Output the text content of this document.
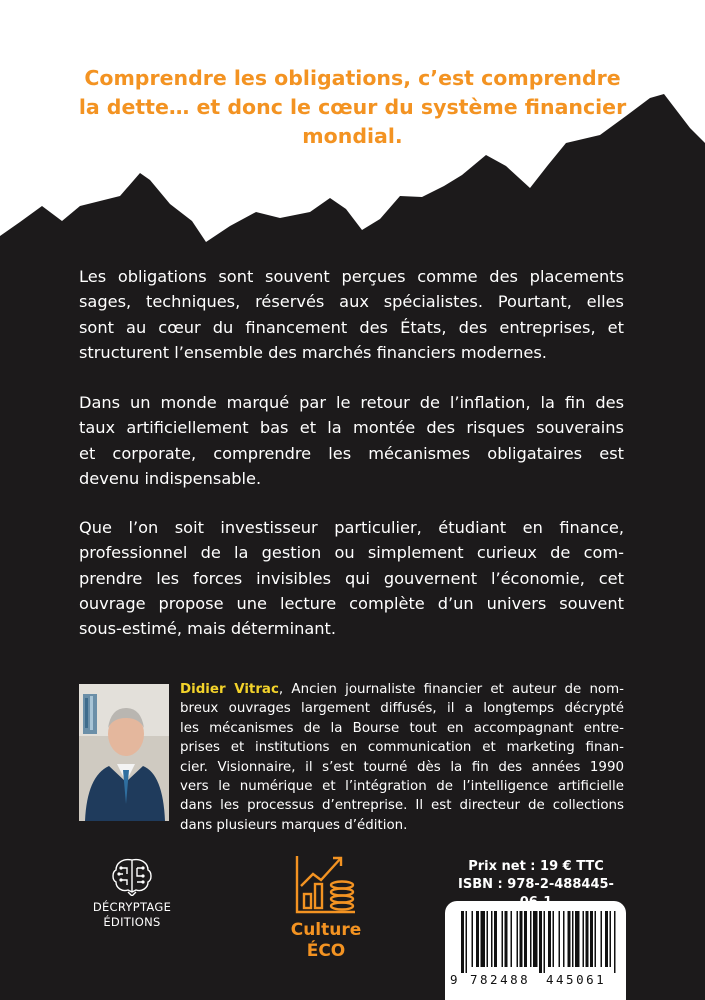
Comprendre les obligations, c’est comprendre
la dette… et donc le cœur du système financier
mondial.
Les obligations sont souvent perçues comme des placements
sages, techniques, réservés aux spécialistes. Pourtant, elles
sont au cœur du financement des États, des entreprises, et
structurent l’ensemble des marchés financiers modernes.
Dans un monde marqué par le retour de l’inflation, la fin des
taux artificiellement bas et la montée des risques souverains
et corporate, comprendre les mécanismes obligataires est
devenu indispensable.
Que l’on soit investisseur particulier, étudiant en finance,
professionnel de la gestion ou simplement curieux de com-
prendre les forces invisibles qui gouvernent l’économie, cet
ouvrage propose une lecture complète d’un univers souvent
sous-estimé, mais déterminant.
Didier Vitrac, Ancien journaliste financier et auteur de nom-
breux ouvrages largement diffusés, il a longtemps décrypté
les mécanismes de la Bourse tout en accompagnant entre-
prises et institutions en communication et marketing finan-
cier. Visionnaire, il s’est tourné dès la fin des années 1990
vers le numérique et l’intégration de l’intelligence artificielle
dans les processus d’entreprise. Il est directeur de collections
dans plusieurs marques d’édition.
DÉCRYPTAGE
ÉDITIONS	Culture
ÉCO
Prix net : 19 € TTC
ISBN : 978-2-488445-
9 782488 445061
